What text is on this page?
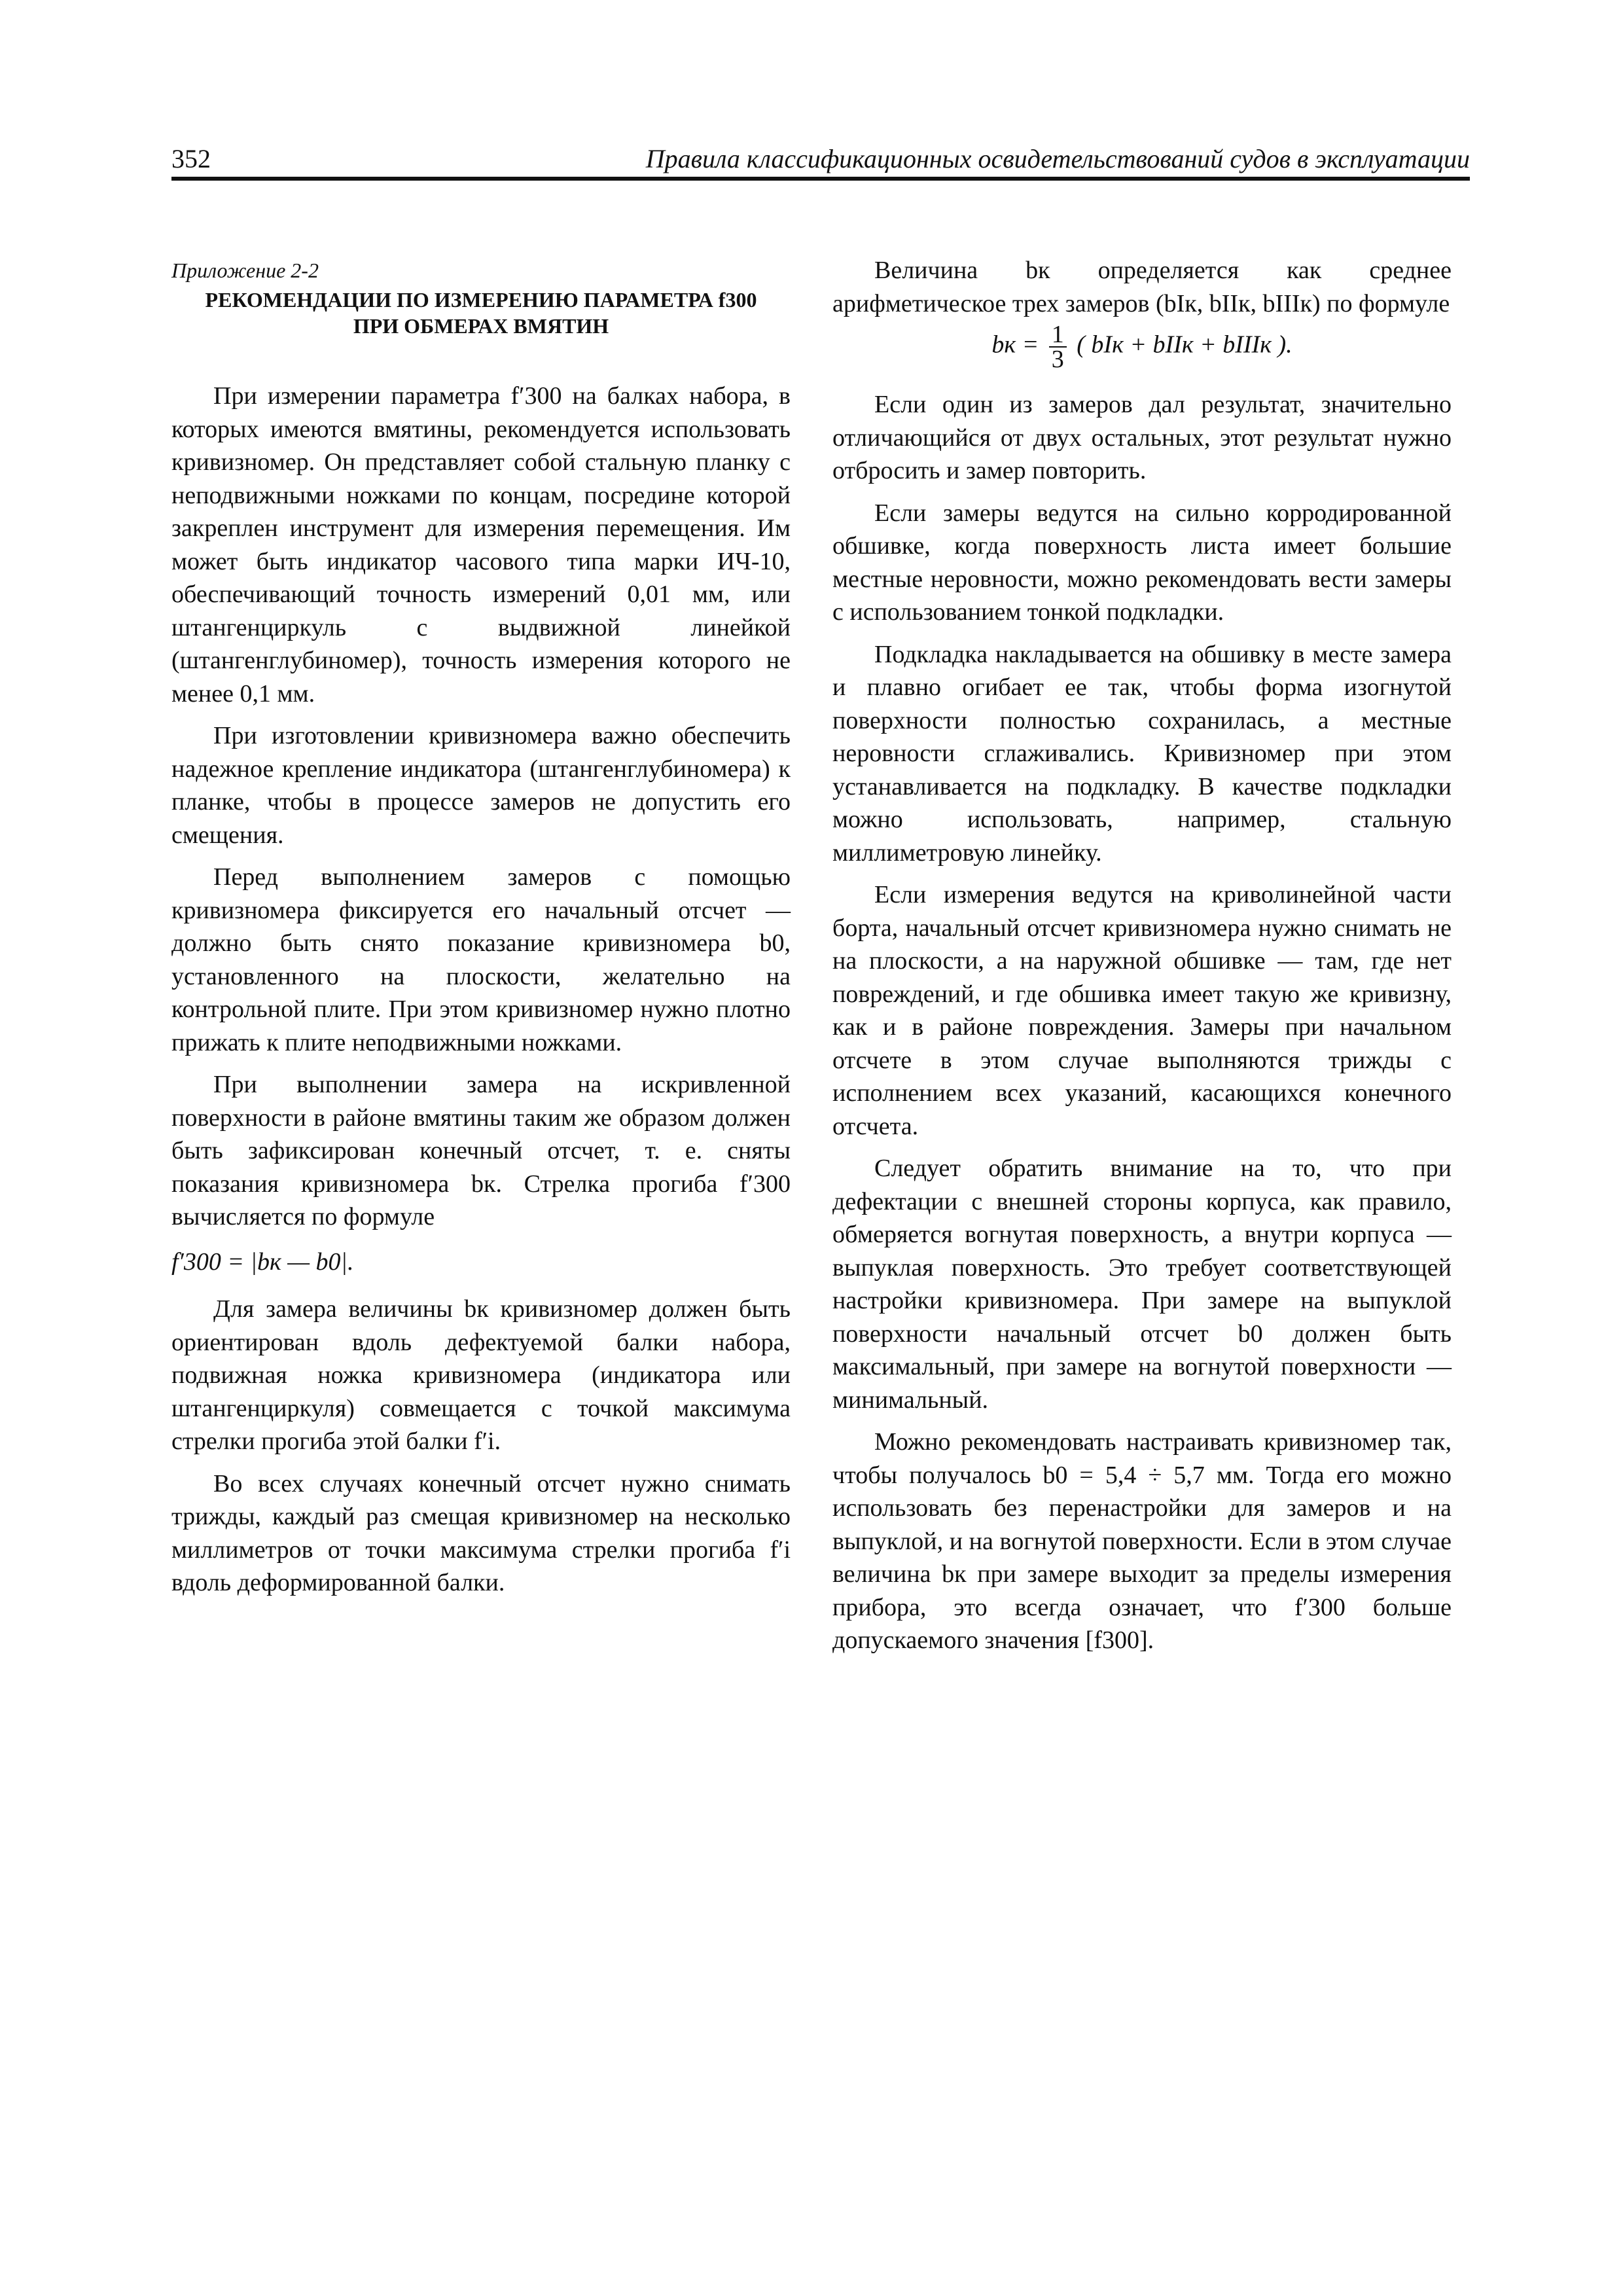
352	Правила классификационных освидетельствований судов в эксплуатации

Приложение 2-2

РЕКОМЕНДАЦИИ ПО ИЗМЕРЕНИЮ ПАРАМЕТРА f300
ПРИ ОБМЕРАХ ВМЯТИН

При измерении параметра f′300 на балках набора, в которых имеются вмятины, рекомендуется использовать кривизномер. Он представляет собой стальную планку с неподвижными ножками по концам, посредине которой закреплен инструмент для измерения перемещения. Им может быть индикатор часового типа марки ИЧ-10, обеспечивающий точность измерений 0,01 мм, или штангенциркуль с выдвижной линейкой (штангенглубиномер), точность измерения которого не менее 0,1 мм.

При изготовлении кривизномера важно обеспечить надежное крепление индикатора (штангенглубиномера) к планке, чтобы в процессе замеров не допустить его смещения.

Перед выполнением замеров с помощью кривизномера фиксируется его начальный отсчет — должно быть снято показание кривизномера b0, установленного на плоскости, желательно на контрольной плите. При этом кривизномер нужно плотно прижать к плите неподвижными ножками.

При выполнении замера на искривленной поверхности в районе вмятины таким же образом должен быть зафиксирован конечный отсчет, т. е. сняты показания кривизномера bк. Стрелка прогиба f′300 вычисляется по формуле

f′300 = |bк — b0|.

Для замера величины bк кривизномер должен быть ориентирован вдоль дефектуемой балки набора, подвижная ножка кривизномера (индикатора или штангенциркуля) совмещается с точкой максимума стрелки прогиба этой балки f′i.

Во всех случаях конечный отсчет нужно снимать трижды, каждый раз смещая кривизномер на несколько миллиметров от точки максимума стрелки прогиба f′i вдоль деформированной балки.

Величина bк определяется как среднее арифметическое трех замеров (bIк, bIIк, bIIIк) по формуле

bк = $\frac{1}{3}$ ( bIк + bIIк + bIIIк ).

Если один из замеров дал результат, значительно отличающийся от двух остальных, этот результат нужно отбросить и замер повторить.

Если замеры ведутся на сильно корродированной обшивке, когда поверхность листа имеет большие местные неровности, можно рекомендовать вести замеры с использованием тонкой подкладки.

Подкладка накладывается на обшивку в месте замера и плавно огибает ее так, чтобы форма изогнутой поверхности полностью сохранилась, а местные неровности сглаживались. Кривизномер при этом устанавливается на подкладку. В качестве подкладки можно использовать, например, стальную миллиметровую линейку.

Если измерения ведутся на криволинейной части борта, начальный отсчет кривизномера нужно снимать не на плоскости, а на наружной обшивке — там, где нет повреждений, и где обшивка имеет такую же кривизну, как и в районе повреждения. Замеры при начальном отсчете в этом случае выполняются трижды с исполнением всех указаний, касающихся конечного отсчета.

Следует обратить внимание на то, что при дефектации с внешней стороны корпуса, как правило, обмеряется вогнутая поверхность, а внутри корпуса — выпуклая поверхность. Это требует соответствующей настройки кривизномера. При замере на выпуклой поверхности начальный отсчет b0 должен быть максимальный, при замере на вогнутой поверхности — минимальный.

Можно рекомендовать настраивать кривизномер так, чтобы получалось b0 = 5,4 ÷ 5,7 мм. Тогда его можно использовать без перенастройки для замеров и на выпуклой, и на вогнутой поверхности. Если в этом случае величина bк при замере выходит за пределы измерения прибора, это всегда означает, что f′300 больше допускаемого значения [f300].
